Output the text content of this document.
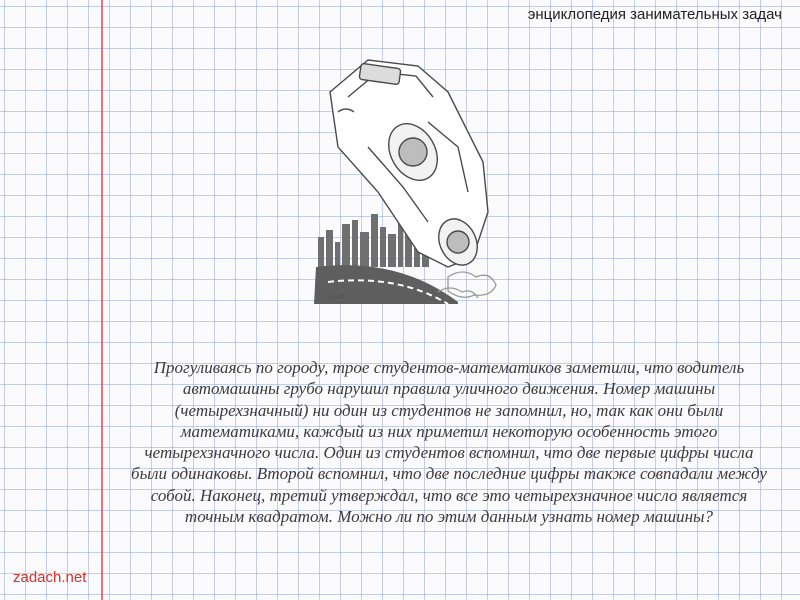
энциклопедия занимательных задач
Kosh

Прогуливаясь по городу, трое студентов-математиков заметили, что водитель автомашины грубо нарушил правила уличного движения. Номер машины (четырехзначный) ни один из студентов не запомнил, но, так как они были математиками, каждый из них приметил некоторую особенность этого четырехзначного числа. Один из студентов вспомнил, что две первые цифры числа были одинаковы. Второй вспомнил, что две последние цифры также совпадали между собой. Наконец, третий утверждал, что все это четырехзначное число является точным квадратом. Можно ли по этим данным узнать номер машины?

zadach.net
